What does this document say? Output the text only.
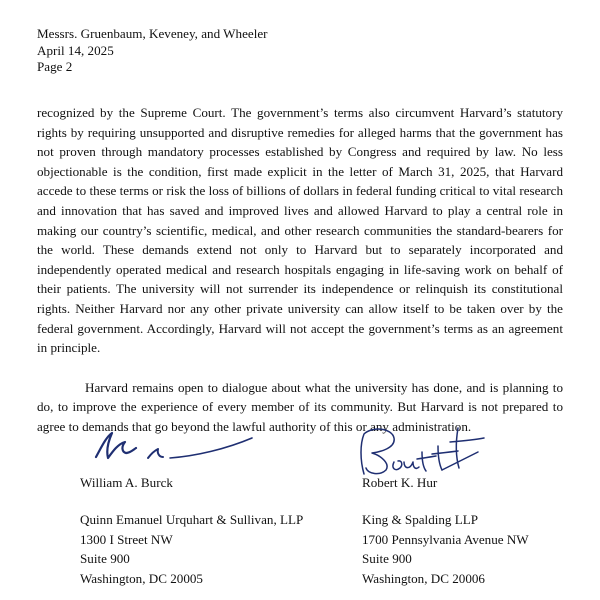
Messrs. Gruenbaum, Keveney, and Wheeler
April 14, 2025
Page 2

recognized by the Supreme Court. The government’s terms also circumvent Harvard’s statutory rights by requiring unsupported and disruptive remedies for alleged harms that the government has not proven through mandatory processes established by Congress and required by law. No less objectionable is the condition, first made explicit in the letter of March 31, 2025, that Harvard accede to these terms or risk the loss of billions of dollars in federal funding critical to vital research and innovation that has saved and improved lives and allowed Harvard to play a central role in making our country’s scientific, medical, and other research communities the standard-bearers for the world. These demands extend not only to Harvard but to separately incorporated and independently operated medical and research hospitals engaging in life-saving work on behalf of their patients. The university will not surrender its independence or relinquish its constitutional rights. Neither Harvard nor any other private university can allow itself to be taken over by the federal government. Accordingly, Harvard will not accept the government’s terms as an agreement in principle.

Harvard remains open to dialogue about what the university has done, and is planning to do, to improve the experience of every member of its community. But Harvard is not prepared to agree to demands that go beyond the lawful authority of this or any administration.

William A. Burck	Robert K. Hur
Quinn Emanuel Urquhart & Sullivan, LLP
1300 I Street NW
Suite 900
Washington, DC 20005
King & Spalding LLP
1700 Pennsylvania Avenue NW
Suite 900
Washington, DC 20006
